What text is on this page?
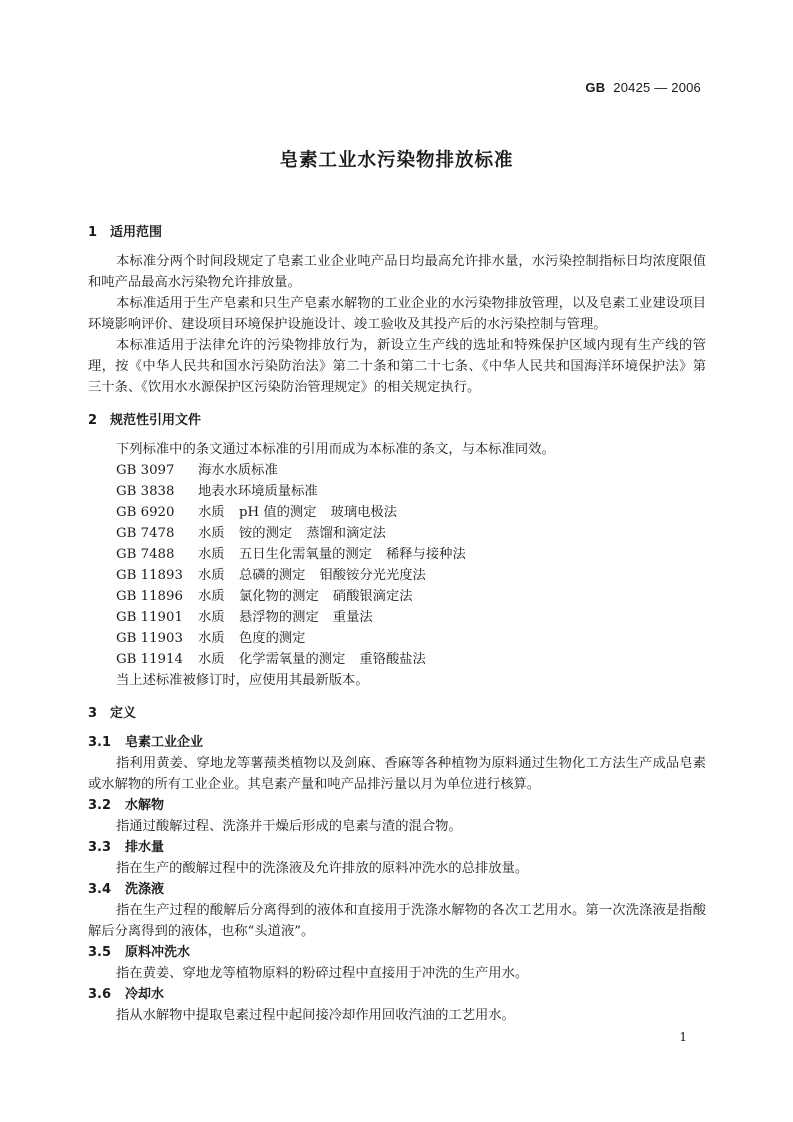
GB 20425 — 2006
皂素工业水污染物排放标准
1 适用范围

本标准分两个时间段规定了皂素工业企业吨产品日均最高允许排水量，水污染控制指标日均浓度限值和吨产品最高水污染物允许排放量。

本标准适用于生产皂素和只生产皂素水解物的工业企业的水污染物排放管理，以及皂素工业建设项目环境影响评价、建设项目环境保护设施设计、竣工验收及其投产后的水污染控制与管理。

本标准适用于法律允许的污染物排放行为，新设立生产线的选址和特殊保护区域内现有生产线的管理，按《中华人民共和国水污染防治法》第二十条和第二十七条、《中华人民共和国海洋环境保护法》第三十条、《饮用水水源保护区污染防治管理规定》的相关规定执行。

2 规范性引用文件

下列标准中的条文通过本标准的引用而成为本标准的条文，与本标准同效。

GB 3097	海水水质标准
GB 3838	地表水环境质量标准
GB 6920	水质	pH 值的测定 玻璃电极法
GB 7478	水质	铵的测定 蒸馏和滴定法
GB 7488	水质	五日生化需氧量的测定 稀释与接种法
GB 11893	水质	总磷的测定 钼酸铵分光光度法
GB 11896	水质	氯化物的测定 硝酸银滴定法
GB 11901	水质	悬浮物的测定 重量法
GB 11903	水质	色度的测定
GB 11914	水质	化学需氧量的测定 重铬酸盐法

当上述标准被修订时，应使用其最新版本。

3 定义
3.1 皂素工业企业

指利用黄姜、穿地龙等薯蓣类植物以及剑麻、香麻等各种植物为原料通过生物化工方法生产成品皂素或水解物的所有工业企业。其皂素产量和吨产品排污量以月为单位进行核算。

3.2 水解物

指通过酸解过程、洗涤并干燥后形成的皂素与渣的混合物。

3.3 排水量

指在生产的酸解过程中的洗涤液及允许排放的原料冲洗水的总排放量。

3.4 洗涤液

指在生产过程的酸解后分离得到的液体和直接用于洗涤水解物的各次工艺用水。第一次洗涤液是指酸解后分离得到的液体，也称“头道液”。

3.5 原料冲洗水

指在黄姜、穿地龙等植物原料的粉碎过程中直接用于冲洗的生产用水。

3.6 冷却水

指从水解物中提取皂素过程中起间接冷却作用回收汽油的工艺用水。

1
